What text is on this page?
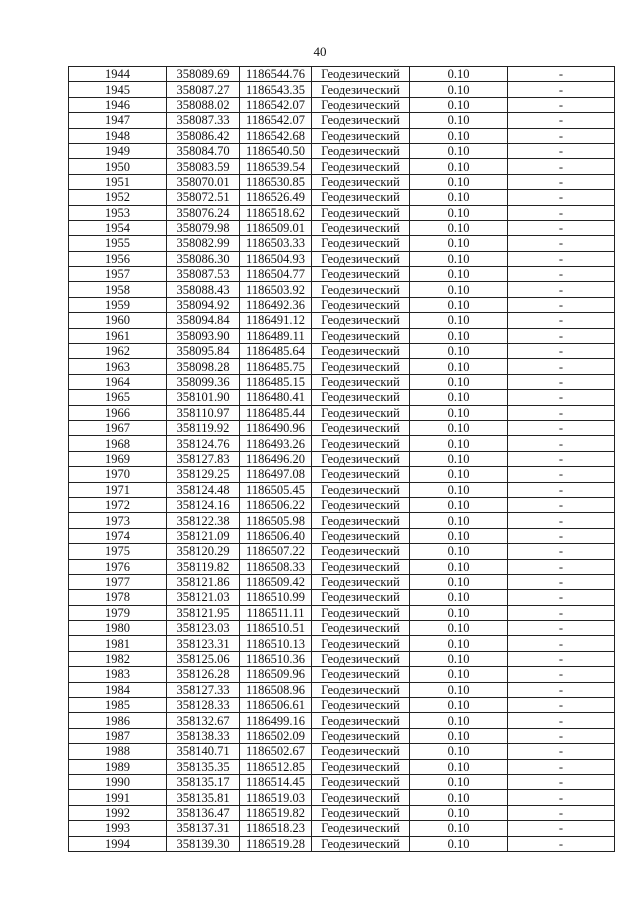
40
1944	358089.69	1186544.76	Геодезический	0.10	-
1945	358087.27	1186543.35	Геодезический	0.10	-
1946	358088.02	1186542.07	Геодезический	0.10	-
1947	358087.33	1186542.07	Геодезический	0.10	-
1948	358086.42	1186542.68	Геодезический	0.10	-
1949	358084.70	1186540.50	Геодезический	0.10	-
1950	358083.59	1186539.54	Геодезический	0.10	-
1951	358070.01	1186530.85	Геодезический	0.10	-
1952	358072.51	1186526.49	Геодезический	0.10	-
1953	358076.24	1186518.62	Геодезический	0.10	-
1954	358079.98	1186509.01	Геодезический	0.10	-
1955	358082.99	1186503.33	Геодезический	0.10	-
1956	358086.30	1186504.93	Геодезический	0.10	-
1957	358087.53	1186504.77	Геодезический	0.10	-
1958	358088.43	1186503.92	Геодезический	0.10	-
1959	358094.92	1186492.36	Геодезический	0.10	-
1960	358094.84	1186491.12	Геодезический	0.10	-
1961	358093.90	1186489.11	Геодезический	0.10	-
1962	358095.84	1186485.64	Геодезический	0.10	-
1963	358098.28	1186485.75	Геодезический	0.10	-
1964	358099.36	1186485.15	Геодезический	0.10	-
1965	358101.90	1186480.41	Геодезический	0.10	-
1966	358110.97	1186485.44	Геодезический	0.10	-
1967	358119.92	1186490.96	Геодезический	0.10	-
1968	358124.76	1186493.26	Геодезический	0.10	-
1969	358127.83	1186496.20	Геодезический	0.10	-
1970	358129.25	1186497.08	Геодезический	0.10	-
1971	358124.48	1186505.45	Геодезический	0.10	-
1972	358124.16	1186506.22	Геодезический	0.10	-
1973	358122.38	1186505.98	Геодезический	0.10	-
1974	358121.09	1186506.40	Геодезический	0.10	-
1975	358120.29	1186507.22	Геодезический	0.10	-
1976	358119.82	1186508.33	Геодезический	0.10	-
1977	358121.86	1186509.42	Геодезический	0.10	-
1978	358121.03	1186510.99	Геодезический	0.10	-
1979	358121.95	1186511.11	Геодезический	0.10	-
1980	358123.03	1186510.51	Геодезический	0.10	-
1981	358123.31	1186510.13	Геодезический	0.10	-
1982	358125.06	1186510.36	Геодезический	0.10	-
1983	358126.28	1186509.96	Геодезический	0.10	-
1984	358127.33	1186508.96	Геодезический	0.10	-
1985	358128.33	1186506.61	Геодезический	0.10	-
1986	358132.67	1186499.16	Геодезический	0.10	-
1987	358138.33	1186502.09	Геодезический	0.10	-
1988	358140.71	1186502.67	Геодезический	0.10	-
1989	358135.35	1186512.85	Геодезический	0.10	-
1990	358135.17	1186514.45	Геодезический	0.10	-
1991	358135.81	1186519.03	Геодезический	0.10	-
1992	358136.47	1186519.82	Геодезический	0.10	-
1993	358137.31	1186518.23	Геодезический	0.10	-
1994	358139.30	1186519.28	Геодезический	0.10	-
